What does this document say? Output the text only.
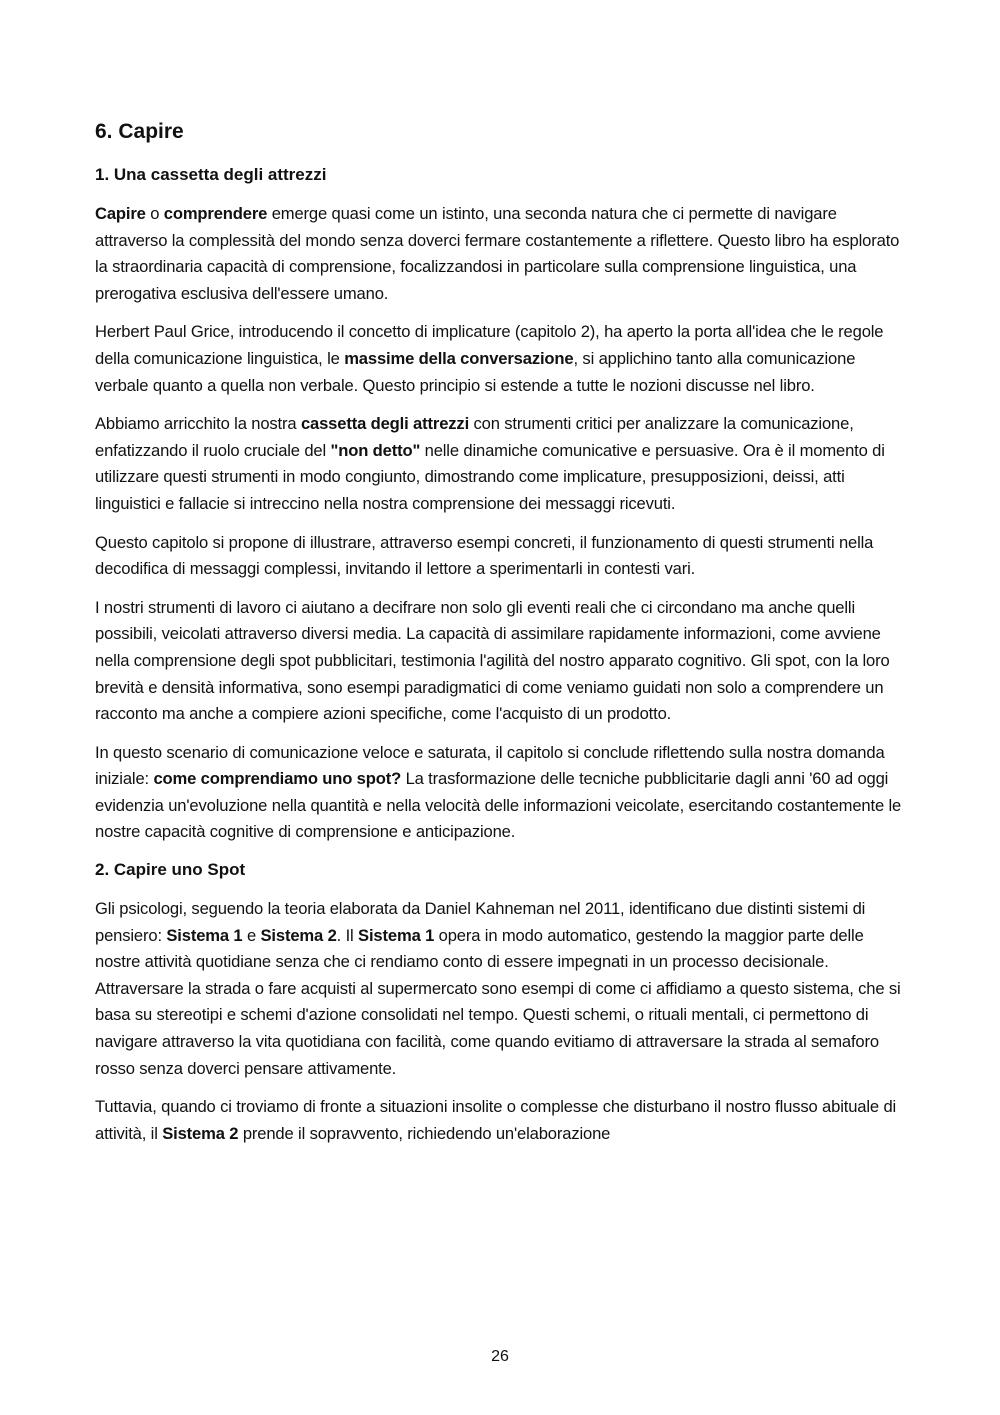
6. Capire
1. Una cassetta degli attrezzi

Capire o comprendere emerge quasi come un istinto, una seconda natura che ci permette di navigare attraverso la complessità del mondo senza doverci fermare costantemente a riflettere. Questo libro ha esplorato la straordinaria capacità di comprensione, focalizzandosi in particolare sulla comprensione linguistica, una prerogativa esclusiva dell'essere umano.

Herbert Paul Grice, introducendo il concetto di implicature (capitolo 2), ha aperto la porta all'idea che le regole della comunicazione linguistica, le massime della conversazione, si applichino tanto alla comunicazione verbale quanto a quella non verbale. Questo principio si estende a tutte le nozioni discusse nel libro.

Abbiamo arricchito la nostra cassetta degli attrezzi con strumenti critici per analizzare la comunicazione, enfatizzando il ruolo cruciale del "non detto" nelle dinamiche comunicative e persuasive. Ora è il momento di utilizzare questi strumenti in modo congiunto, dimostrando come implicature, presupposizioni, deissi, atti linguistici e fallacie si intreccino nella nostra comprensione dei messaggi ricevuti.

Questo capitolo si propone di illustrare, attraverso esempi concreti, il funzionamento di questi strumenti nella decodifica di messaggi complessi, invitando il lettore a sperimentarli in contesti vari.

I nostri strumenti di lavoro ci aiutano a decifrare non solo gli eventi reali che ci circondano ma anche quelli possibili, veicolati attraverso diversi media. La capacità di assimilare rapidamente informazioni, come avviene nella comprensione degli spot pubblicitari, testimonia l'agilità del nostro apparato cognitivo. Gli spot, con la loro brevità e densità informativa, sono esempi paradigmatici di come veniamo guidati non solo a comprendere un racconto ma anche a compiere azioni specifiche, come l'acquisto di un prodotto.

In questo scenario di comunicazione veloce e saturata, il capitolo si conclude riflettendo sulla nostra domanda iniziale: come comprendiamo uno spot? La trasformazione delle tecniche pubblicitarie dagli anni '60 ad oggi evidenzia un'evoluzione nella quantità e nella velocità delle informazioni veicolate, esercitando costantemente le nostre capacità cognitive di comprensione e anticipazione.

2. Capire uno Spot

Gli psicologi, seguendo la teoria elaborata da Daniel Kahneman nel 2011, identificano due distinti sistemi di pensiero: Sistema 1 e Sistema 2. Il Sistema 1 opera in modo automatico, gestendo la maggior parte delle nostre attività quotidiane senza che ci rendiamo conto di essere impegnati in un processo decisionale. Attraversare la strada o fare acquisti al supermercato sono esempi di come ci affidiamo a questo sistema, che si basa su stereotipi e schemi d'azione consolidati nel tempo. Questi schemi, o rituali mentali, ci permettono di navigare attraverso la vita quotidiana con facilità, come quando evitiamo di attraversare la strada al semaforo rosso senza doverci pensare attivamente.

Tuttavia, quando ci troviamo di fronte a situazioni insolite o complesse che disturbano il nostro flusso abituale di attività, il Sistema 2 prende il sopravvento, richiedendo un'elaborazione

26
